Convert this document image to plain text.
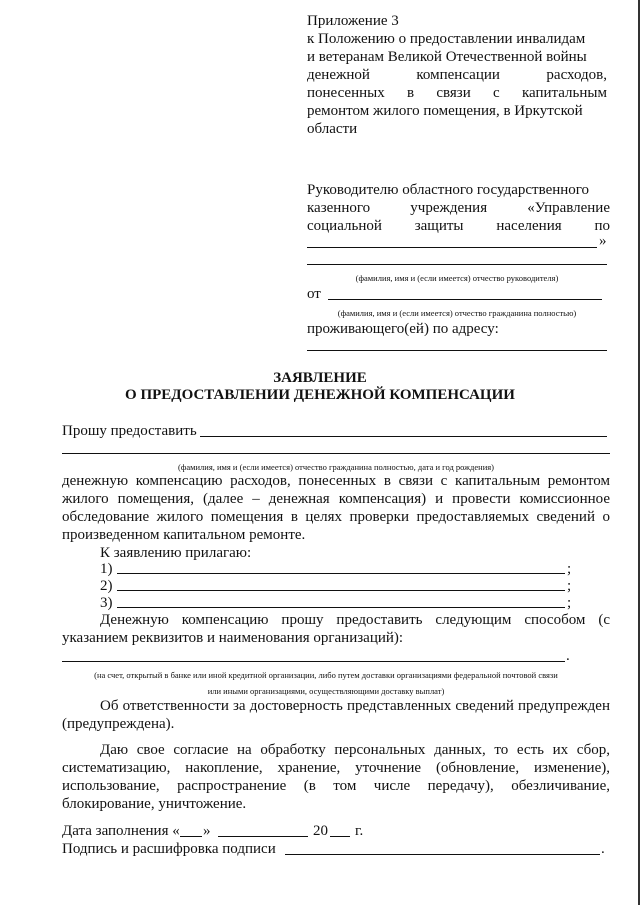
Приложение 3
к Положению о предоставлении инвалидам
и ветеранам Великой Отечественной войны
денежной	компенсации	расходов,
понесенных в связи с капитальным
ремонтом жилого помещения, в Иркутской
области
Руководителю областного государственного
казенного	учреждения	«Управление
социальной защиты населения по
»
(фамилия, имя и (если имеется) отчество руководителя)
от
(фамилия, имя и (если имеется) отчество гражданина полностью)
проживающего(ей) по адресу:
ЗАЯВЛЕНИЕ
О ПРЕДОСТАВЛЕНИИ ДЕНЕЖНОЙ КОМПЕНСАЦИИ
Прошу предоставить
(фамилия, имя и (если имеется) отчество гражданина полностью, дата и год рождения)
денежную компенсацию расходов, понесенных в связи с капитальным ремонтом жилого помещения, (далее – денежная компенсация) и провести комиссионное обследование жилого помещения в целях проверки предоставляемых сведений о произведенном капитальном ремонте.
К заявлению прилагаю:
1)	;
2)	;
3)	;
Денежную компенсацию прошу предоставить следующим способом (с указанием реквизитов и наименования организаций):
.
(на счет, открытый в банке или иной кредитной организации, либо путем доставки организациями федеральной почтовой связи
или иными организациями, осуществляющими доставку выплат)
Об ответственности за достоверность представленных сведений предупрежден (предупреждена).
Даю свое согласие на обработку персональных данных, то есть их сбор, систематизацию, накопление, хранение, уточнение (обновление, изменение), использование, распространение (в том числе передачу), обезличивание, блокирование, уничтожение.
Дата заполнения « »	20 г.
Подпись и расшифровка подписи	.
